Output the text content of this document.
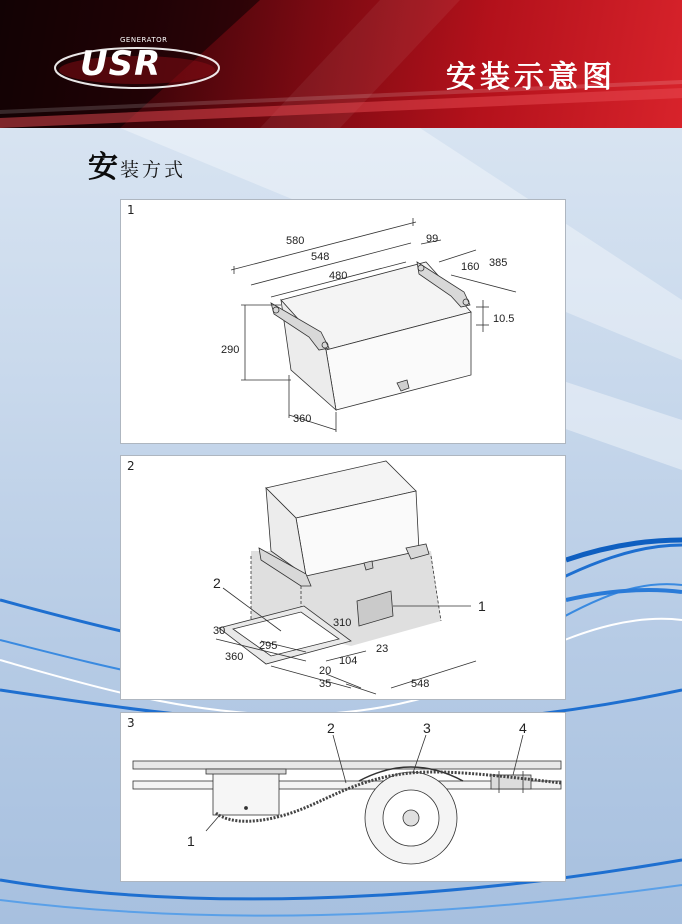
GENERATOR
USR	安装示意图
安 装方式
1
580
548
480
99
160 385
10.5
290
360
2
1
2
310
30
295
360	104
23
20
35	548
3
1
2	3	4
